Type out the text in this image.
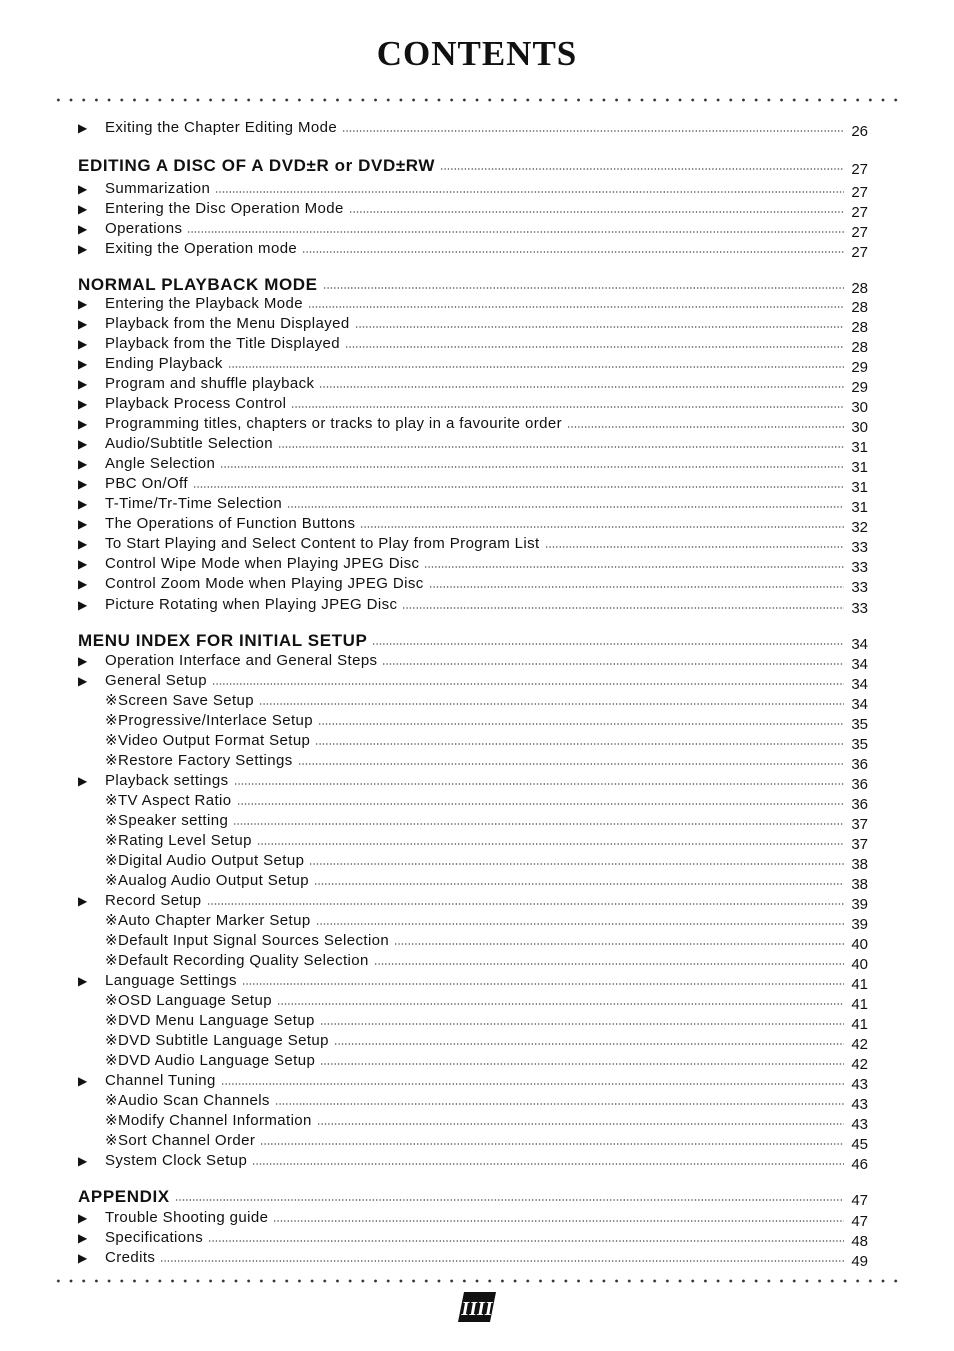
CONTENTS
▶	Exiting the Chapter Editing Mode	26
EDITING A DISC OF A DVD±R or DVD±RW	27
▶	Summarization	27
▶	Entering the Disc Operation Mode	27
▶	Operations	27
▶	Exiting the Operation mode	27
NORMAL PLAYBACK MODE	28
▶	Entering the Playback Mode	28
▶	Playback from the Menu Displayed	28
▶	Playback from the Title Displayed	28
▶	Ending Playback	29
▶	Program and shuffle playback	29
▶	Playback Process Control	30
▶	Programming titles, chapters or tracks to play in a favourite order	30
▶	Audio/Subtitle Selection	31
▶	Angle Selection	31
▶	PBC On/Off	31
▶	T-Time/Tr-Time Selection	31
▶	The Operations of Function Buttons	32
▶	To Start Playing and Select Content to Play from Program List	33
▶	Control Wipe Mode when Playing JPEG Disc	33
▶	Control Zoom Mode when Playing JPEG Disc	33
▶	Picture Rotating when Playing JPEG Disc	33
MENU INDEX FOR INITIAL SETUP	34
▶	Operation Interface and General Steps	34
▶	General Setup	34
※Screen Save Setup	34
※Progressive/Interlace Setup	35
※Video Output Format Setup	35
※Restore Factory Settings	36
▶	Playback settings	36
※TV Aspect Ratio	36
※Speaker setting	37
※Rating Level Setup	37
※Digital Audio Output Setup	38
※Aualog Audio Output Setup	38
▶	Record Setup	39
※Auto Chapter Marker Setup	39
※Default Input Signal Sources Selection	40
※Default Recording Quality Selection	40
▶	Language Settings	41
※OSD Language Setup	41
※DVD Menu Language Setup	41
※DVD Subtitle Language Setup	42
※DVD Audio Language Setup	42
▶	Channel Tuning	43
※Audio Scan Channels	43
※Modify Channel Information	43
※Sort Channel Order	45
▶	System Clock Setup	46
APPENDIX	47
▶	Trouble Shooting guide	47
▶	Specifications	48
▶	Credits	49
IIII
